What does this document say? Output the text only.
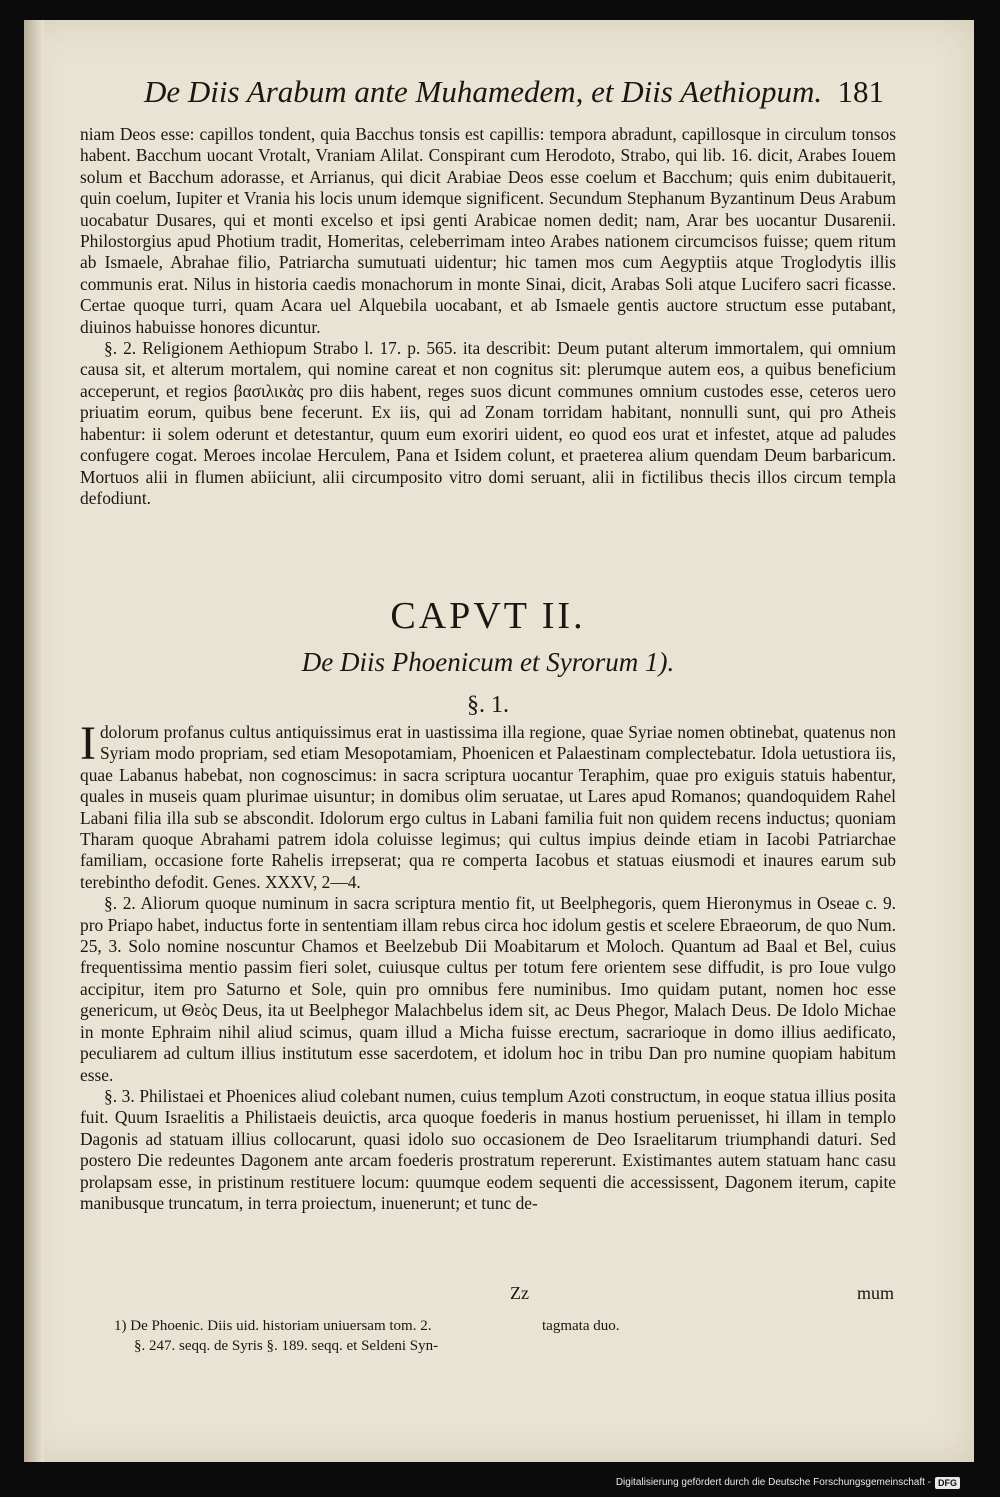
De Diis Arabum ante Muhamedem, et Diis Aethiopum. 181

niam Deos esse: capillos tondent, quia Bacchus tonsis est capillis: tempora abradunt, capillosque in circulum tonsos habent. Bacchum uocant Vrotalt, Vraniam Alilat. Conspirant cum Herodoto, Strabo, qui lib. 16. dicit, Arabes Iouem solum et Bacchum adorasse, et Arrianus, qui dicit Arabiae Deos esse coelum et Bacchum; quis enim dubitauerit, quin coelum, Iupiter et Vrania his locis unum idemque significent. Secundum Stephanum Byzantinum Deus Arabum uocabatur Dusares, qui et monti excelso et ipsi genti Arabicae nomen dedit; nam, Arar bes uocantur Dusarenii. Philostorgius apud Photium tradit, Homeritas, celeberrimam inteo Arabes nationem circumcisos fuisse; quem ritum ab Ismaele, Abrahae filio, Patriarcha sumutuati uidentur; hic tamen mos cum Aegyptiis atque Troglodytis illis communis erat. Nilus in historia caedis monachorum in monte Sinai, dicit, Arabas Soli atque Lucifero sacri ficasse. Certae quoque turri, quam Acara uel Alquebila uocabant, et ab Ismaele gentis auctore structum esse putabant, diuinos habuisse honores dicuntur.

§. 2. Religionem Aethiopum Strabo l. 17. p. 565. ita describit: Deum putant alterum immortalem, qui omnium causa sit, et alterum mortalem, qui nomine careat et non cognitus sit: plerumque autem eos, a quibus beneficium acceperunt, et regios βασιλικὰς pro diis habent, reges suos dicunt communes omnium custodes esse, ceteros uero priuatim eorum, quibus bene fecerunt. Ex iis, qui ad Zonam torridam habitant, nonnulli sunt, qui pro Atheis habentur: ii solem oderunt et detestantur, quum eum exoriri uident, eo quod eos urat et infestet, atque ad paludes confugere cogat. Meroes incolae Herculem, Pana et Isidem colunt, et praeterea alium quendam Deum barbaricum. Mortuos alii in flumen abiiciunt, alii circumposito vitro domi seruant, alii in fictilibus thecis illos circum templa defodiunt.

CAPVT II.
De Diis Phoenicum et Syrorum 1).
§. 1.

Idolorum profanus cultus antiquissimus erat in uastissima illa regione, quae Syriae nomen obtinebat, quatenus non Syriam modo propriam, sed etiam Mesopotamiam, Phoenicen et Palaestinam complectebatur. Idola uetustiora iis, quae Labanus habebat, non cognoscimus: in sacra scriptura uocantur Teraphim, quae pro exiguis statuis habentur, quales in museis quam plurimae uisuntur; in domibus olim seruatae, ut Lares apud Romanos; quandoquidem Rahel Labani filia illa sub se abscondit. Idolorum ergo cultus in Labani familia fuit non quidem recens inductus; quoniam Tharam quoque Abrahami patrem idola coluisse legimus; qui cultus impius deinde etiam in Iacobi Patriarchae familiam, occasione forte Rahelis irrepserat; qua re comperta Iacobus et statuas eiusmodi et inaures earum sub terebintho defodit. Genes. XXXV, 2—4.

§. 2. Aliorum quoque numinum in sacra scriptura mentio fit, ut Beelphegoris, quem Hieronymus in Oseae c. 9. pro Priapo habet, inductus forte in sententiam illam rebus circa hoc idolum gestis et scelere Ebraeorum, de quo Num. 25, 3. Solo nomine noscuntur Chamos et Beelzebub Dii Moabitarum et Moloch. Quantum ad Baal et Bel, cuius frequentissima mentio passim fieri solet, cuiusque cultus per totum fere orientem sese diffudit, is pro Ioue vulgo accipitur, item pro Saturno et Sole, quin pro omnibus fere numinibus. Imo quidam putant, nomen hoc esse genericum, ut Θεὸς Deus, ita ut Beelphegor Malachbelus idem sit, ac Deus Phegor, Malach Deus. De Idolo Michae in monte Ephraim nihil aliud scimus, quam illud a Micha fuisse erectum, sacrarioque in domo illius aedificato, peculiarem ad cultum illius institutum esse sacerdotem, et idolum hoc in tribu Dan pro numine quopiam habitum esse.

§. 3. Philistaei et Phoenices aliud colebant numen, cuius templum Azoti constructum, in eoque statua illius posita fuit. Quum Israelitis a Philistaeis deuictis, arca quoque foederis in manus hostium peruenisset, hi illam in templo Dagonis ad statuam illius collocarunt, quasi idolo suo occasionem de Deo Israelitarum triumphandi daturi. Sed postero Die redeuntes Dagonem ante arcam foederis prostratum repererunt. Existimantes autem statuam hanc casu prolapsam esse, in pristinum restituere locum: quumque eodem sequenti die accessissent, Dagonem iterum, capite manibusque truncatum, in terra proiectum, inuenerunt; et tunc de-

Zz	mum
1) De Phoenic. Diis uid. historiam uniuersam tom. 2.
§. 247. seqq. de Syris §. 189. seqq. et Seldeni Syn-
tagmata duo.
Digitalisierung gefördert durch die Deutsche Forschungsgemeinschaft - DFG
